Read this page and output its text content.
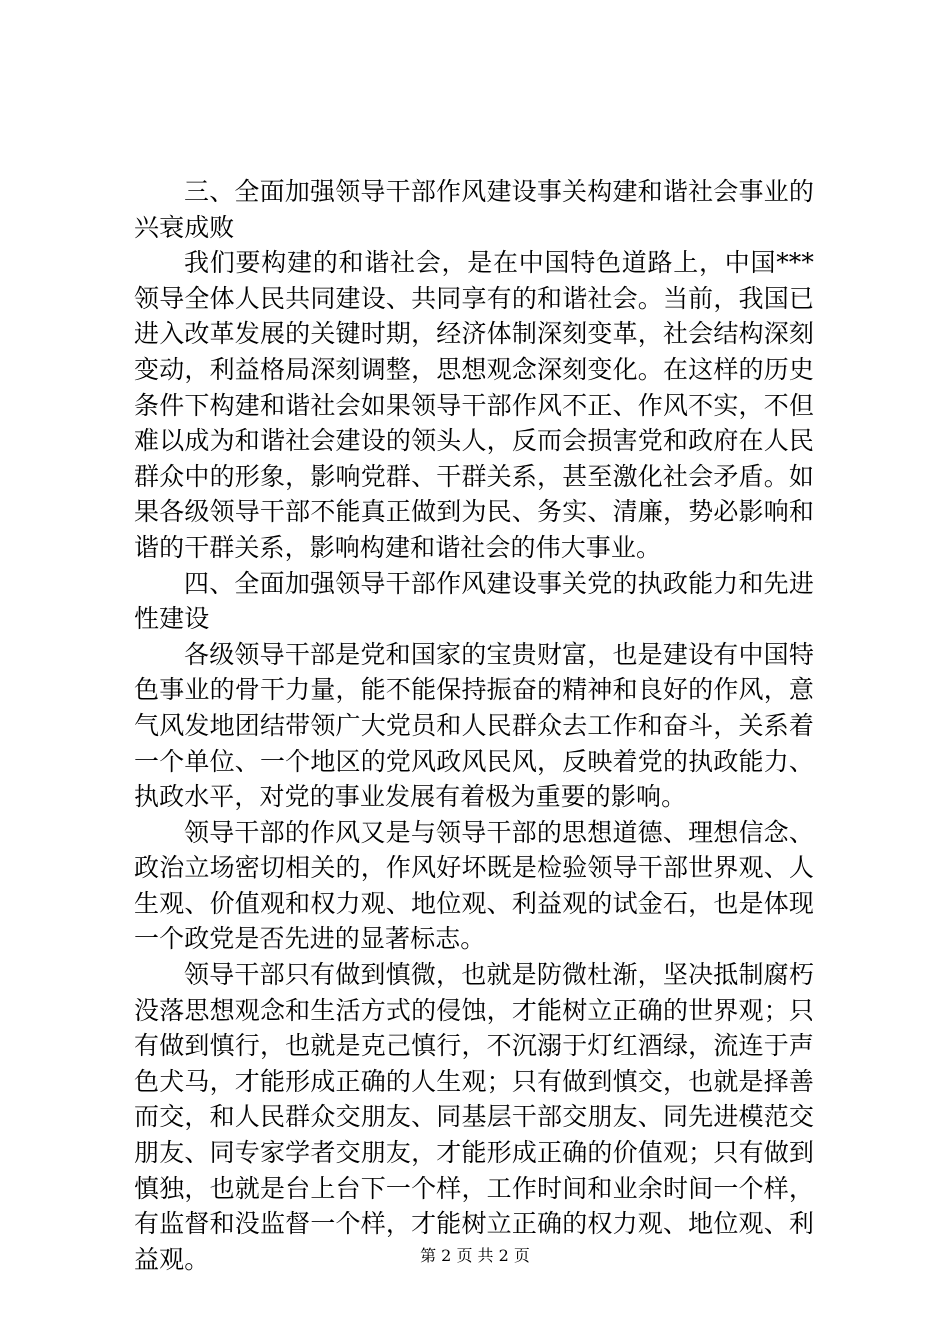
三、全面加强领导干部作风建设事关构建和谐社会事业的兴衰成败

我们要构建的和谐社会，是在中国特色道路上，中国***领导全体人民共同建设、共同享有的和谐社会。当前，我国已进入改革发展的关键时期，经济体制深刻变革，社会结构深刻变动，利益格局深刻调整，思想观念深刻变化。在这样的历史条件下构建和谐社会如果领导干部作风不正、作风不实，不但难以成为和谐社会建设的领头人，反而会损害党和政府在人民群众中的形象，影响党群、干群关系，甚至激化社会矛盾。如果各级领导干部不能真正做到为民、务实、清廉，势必影响和谐的干群关系，影响构建和谐社会的伟大事业。

四、全面加强领导干部作风建设事关党的执政能力和先进性建设

各级领导干部是党和国家的宝贵财富，也是建设有中国特色事业的骨干力量，能不能保持振奋的精神和良好的作风，意气风发地团结带领广大党员和人民群众去工作和奋斗，关系着一个单位、一个地区的党风政风民风，反映着党的执政能力、执政水平，对党的事业发展有着极为重要的影响。

领导干部的作风又是与领导干部的思想道德、理想信念、政治立场密切相关的，作风好坏既是检验领导干部世界观、人生观、价值观和权力观、地位观、利益观的试金石，也是体现一个政党是否先进的显著标志。

领导干部只有做到慎微，也就是防微杜渐，坚决抵制腐朽没落思想观念和生活方式的侵蚀，才能树立正确的世界观；只有做到慎行，也就是克己慎行，不沉溺于灯红酒绿，流连于声色犬马，才能形成正确的人生观；只有做到慎交，也就是择善而交，和人民群众交朋友、同基层干部交朋友、同先进模范交朋友、同专家学者交朋友，才能形成正确的价值观；只有做到慎独，也就是台上台下一个样，工作时间和业余时间一个样，有监督和没监督一个样，才能树立正确的权力观、地位观、利益观。	第 2 页 共 2 页
